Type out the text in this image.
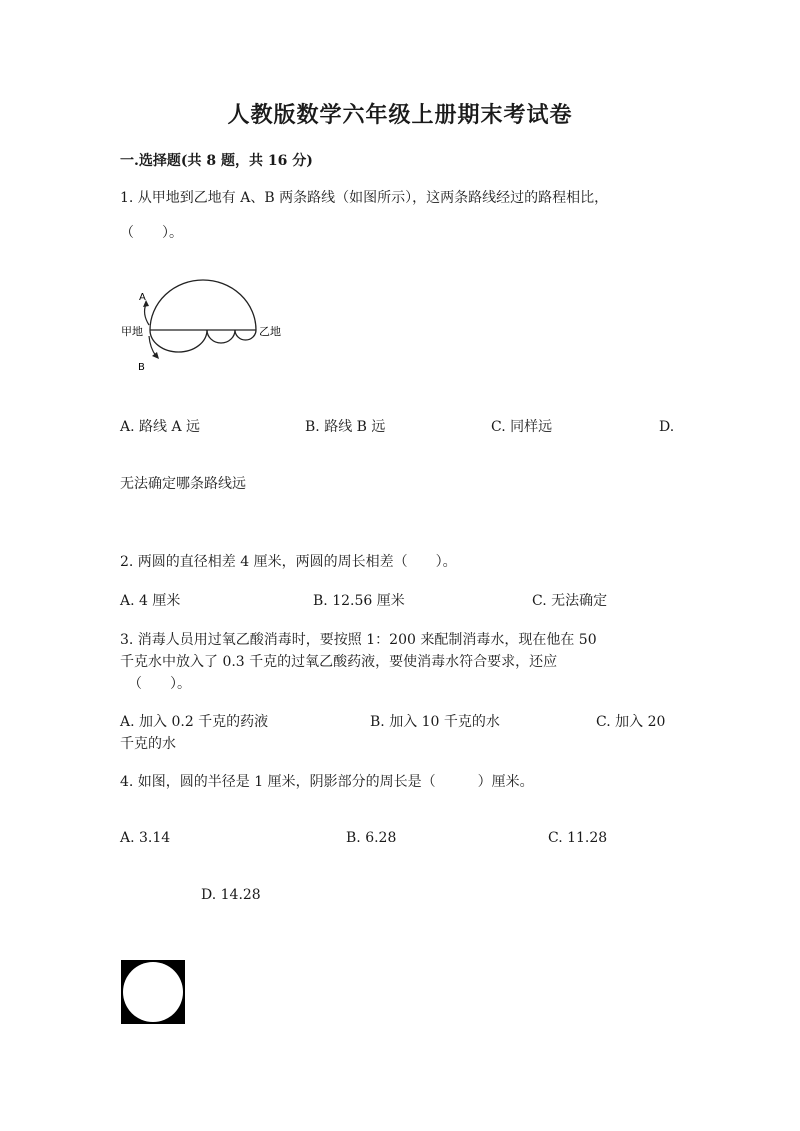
人教版数学六年级上册期末考试卷
一.选择题(共 8 题，共 16 分)
1. 从甲地到乙地有 A、B 两条路线（如图所示），这两条路线经过的路程相比，
（　　）。
A
B
甲地	乙地
A. 路线 A 远	B. 路线 B 远	C. 同样远	D.
无法确定哪条路线远
2. 两圆的直径相差 4 厘米，两圆的周长相差（　　）。
A. 4 厘米	B. 12.56 厘米	C. 无法确定
3. 消毒人员用过氧乙酸消毒时，要按照 1：200 来配制消毒水，现在他在 50
千克水中放入了 0.3 千克的过氧乙酸药液，要使消毒水符合要求，还应
（　　）。
A. 加入 0.2 千克的药液	B. 加入 10 千克的水	C. 加入 20
千克的水
4. 如图，圆的半径是 1 厘米，阴影部分的周长是（　　　）厘米。
A. 3.14	B. 6.28	C. 11.28
D. 14.28
